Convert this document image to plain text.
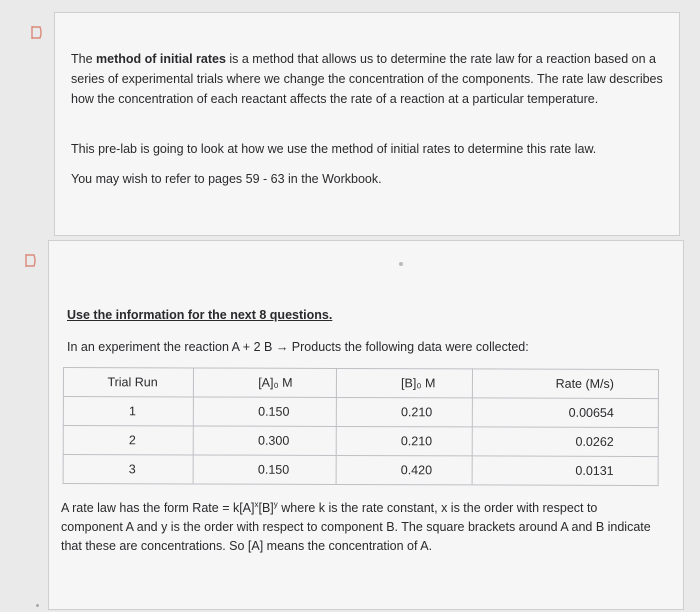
The method of initial rates is a method that allows us to determine the rate law for a reaction based on a series of experimental trials where we change the concentration of the components. The rate law describes how the concentration of each reactant affects the rate of a reaction at a particular temperature.

This pre-lab is going to look at how we use the method of initial rates to determine this rate law.

You may wish to refer to pages 59 - 63 in the Workbook.

Use the information for the next 8 questions.

In an experiment the reaction A + 2 B → Products the following data were collected:

Trial Run	[A]₀ M	[B]₀ M	Rate (M/s)
1	0.150	0.210	0.00654
2	0.300	0.210	0.0262
3	0.150	0.420	0.0131

A rate law has the form Rate = $k[A]^x[B]^y$ where k is the rate constant, x is the order with respect to component A and y is the order with respect to component B. The square brackets around A and B indicate that these are concentrations. So [A] means the concentration of A.
